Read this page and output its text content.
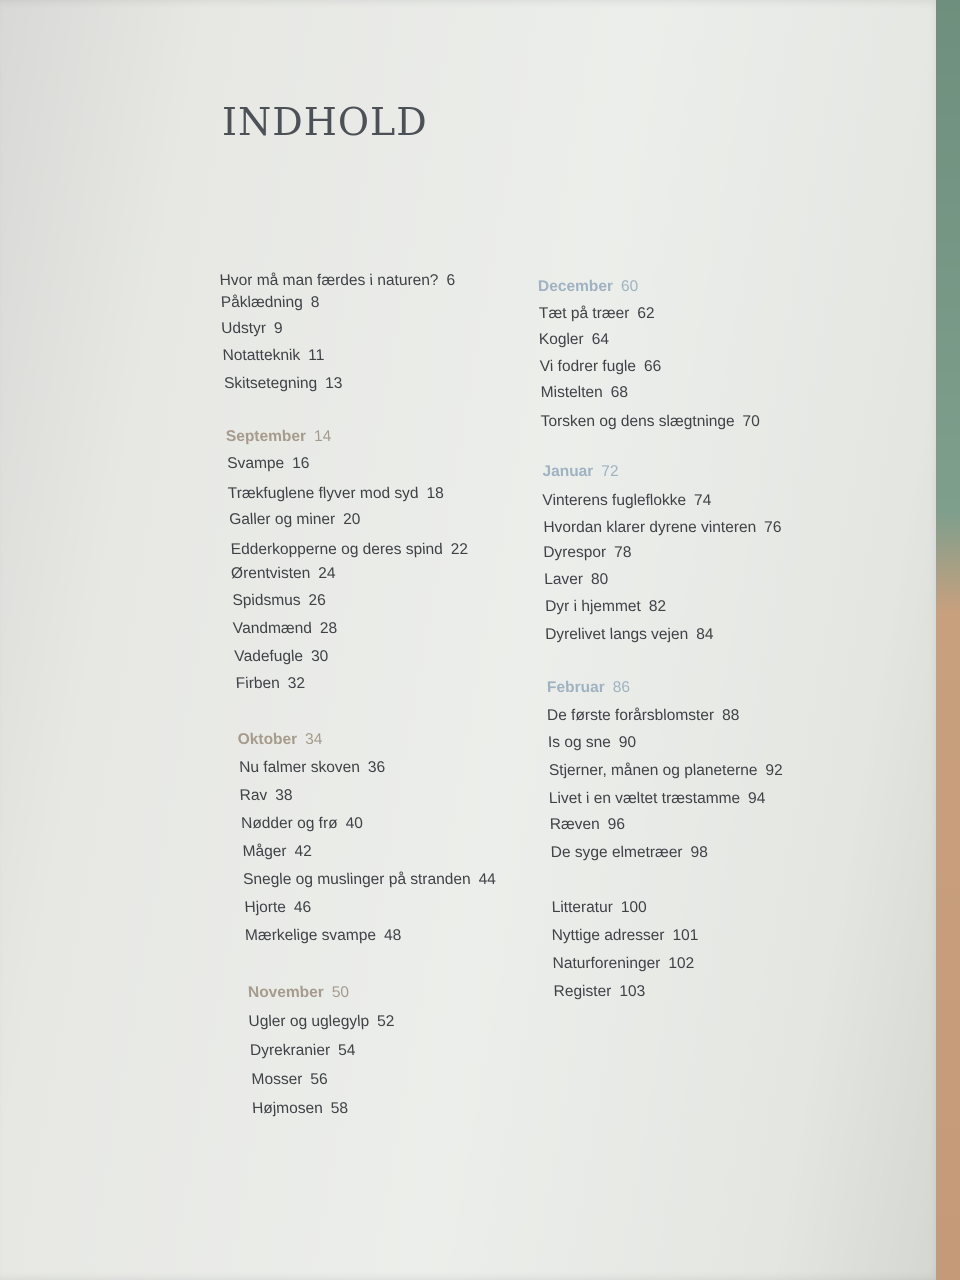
INDHOLD
Hvor må man færdes i naturen? 6
Påklædning 8
Udstyr 9
Notatteknik 11
Skitsetegning 13
September 14
Svampe 16
Trækfuglene flyver mod syd 18
Galler og miner 20
Edderkopperne og deres spind 22
Ørentvisten 24
Spidsmus 26
Vandmænd 28
Vadefugle 30
Firben 32
Oktober 34
Nu falmer skoven 36
Rav 38
Nødder og frø 40
Måger 42
Snegle og muslinger på stranden 44
Hjorte 46
Mærkelige svampe 48
November 50
Ugler og uglegylp 52
Dyrekranier 54
Mosser 56
Højmosen 58
December 60
Tæt på træer 62
Kogler 64
Vi fodrer fugle 66
Mistelten 68
Torsken og dens slægtninge 70
Januar 72
Vinterens fugleflokke 74
Hvordan klarer dyrene vinteren 76
Dyrespor 78
Laver 80
Dyr i hjemmet 82
Dyrelivet langs vejen 84
Februar 86
De første forårsblomster 88
Is og sne 90
Stjerner, månen og planeterne 92
Livet i en væltet træstamme 94
Ræven 96
De syge elmetræer 98
Litteratur 100
Nyttige adresser 101
Naturforeninger 102
Register 103
